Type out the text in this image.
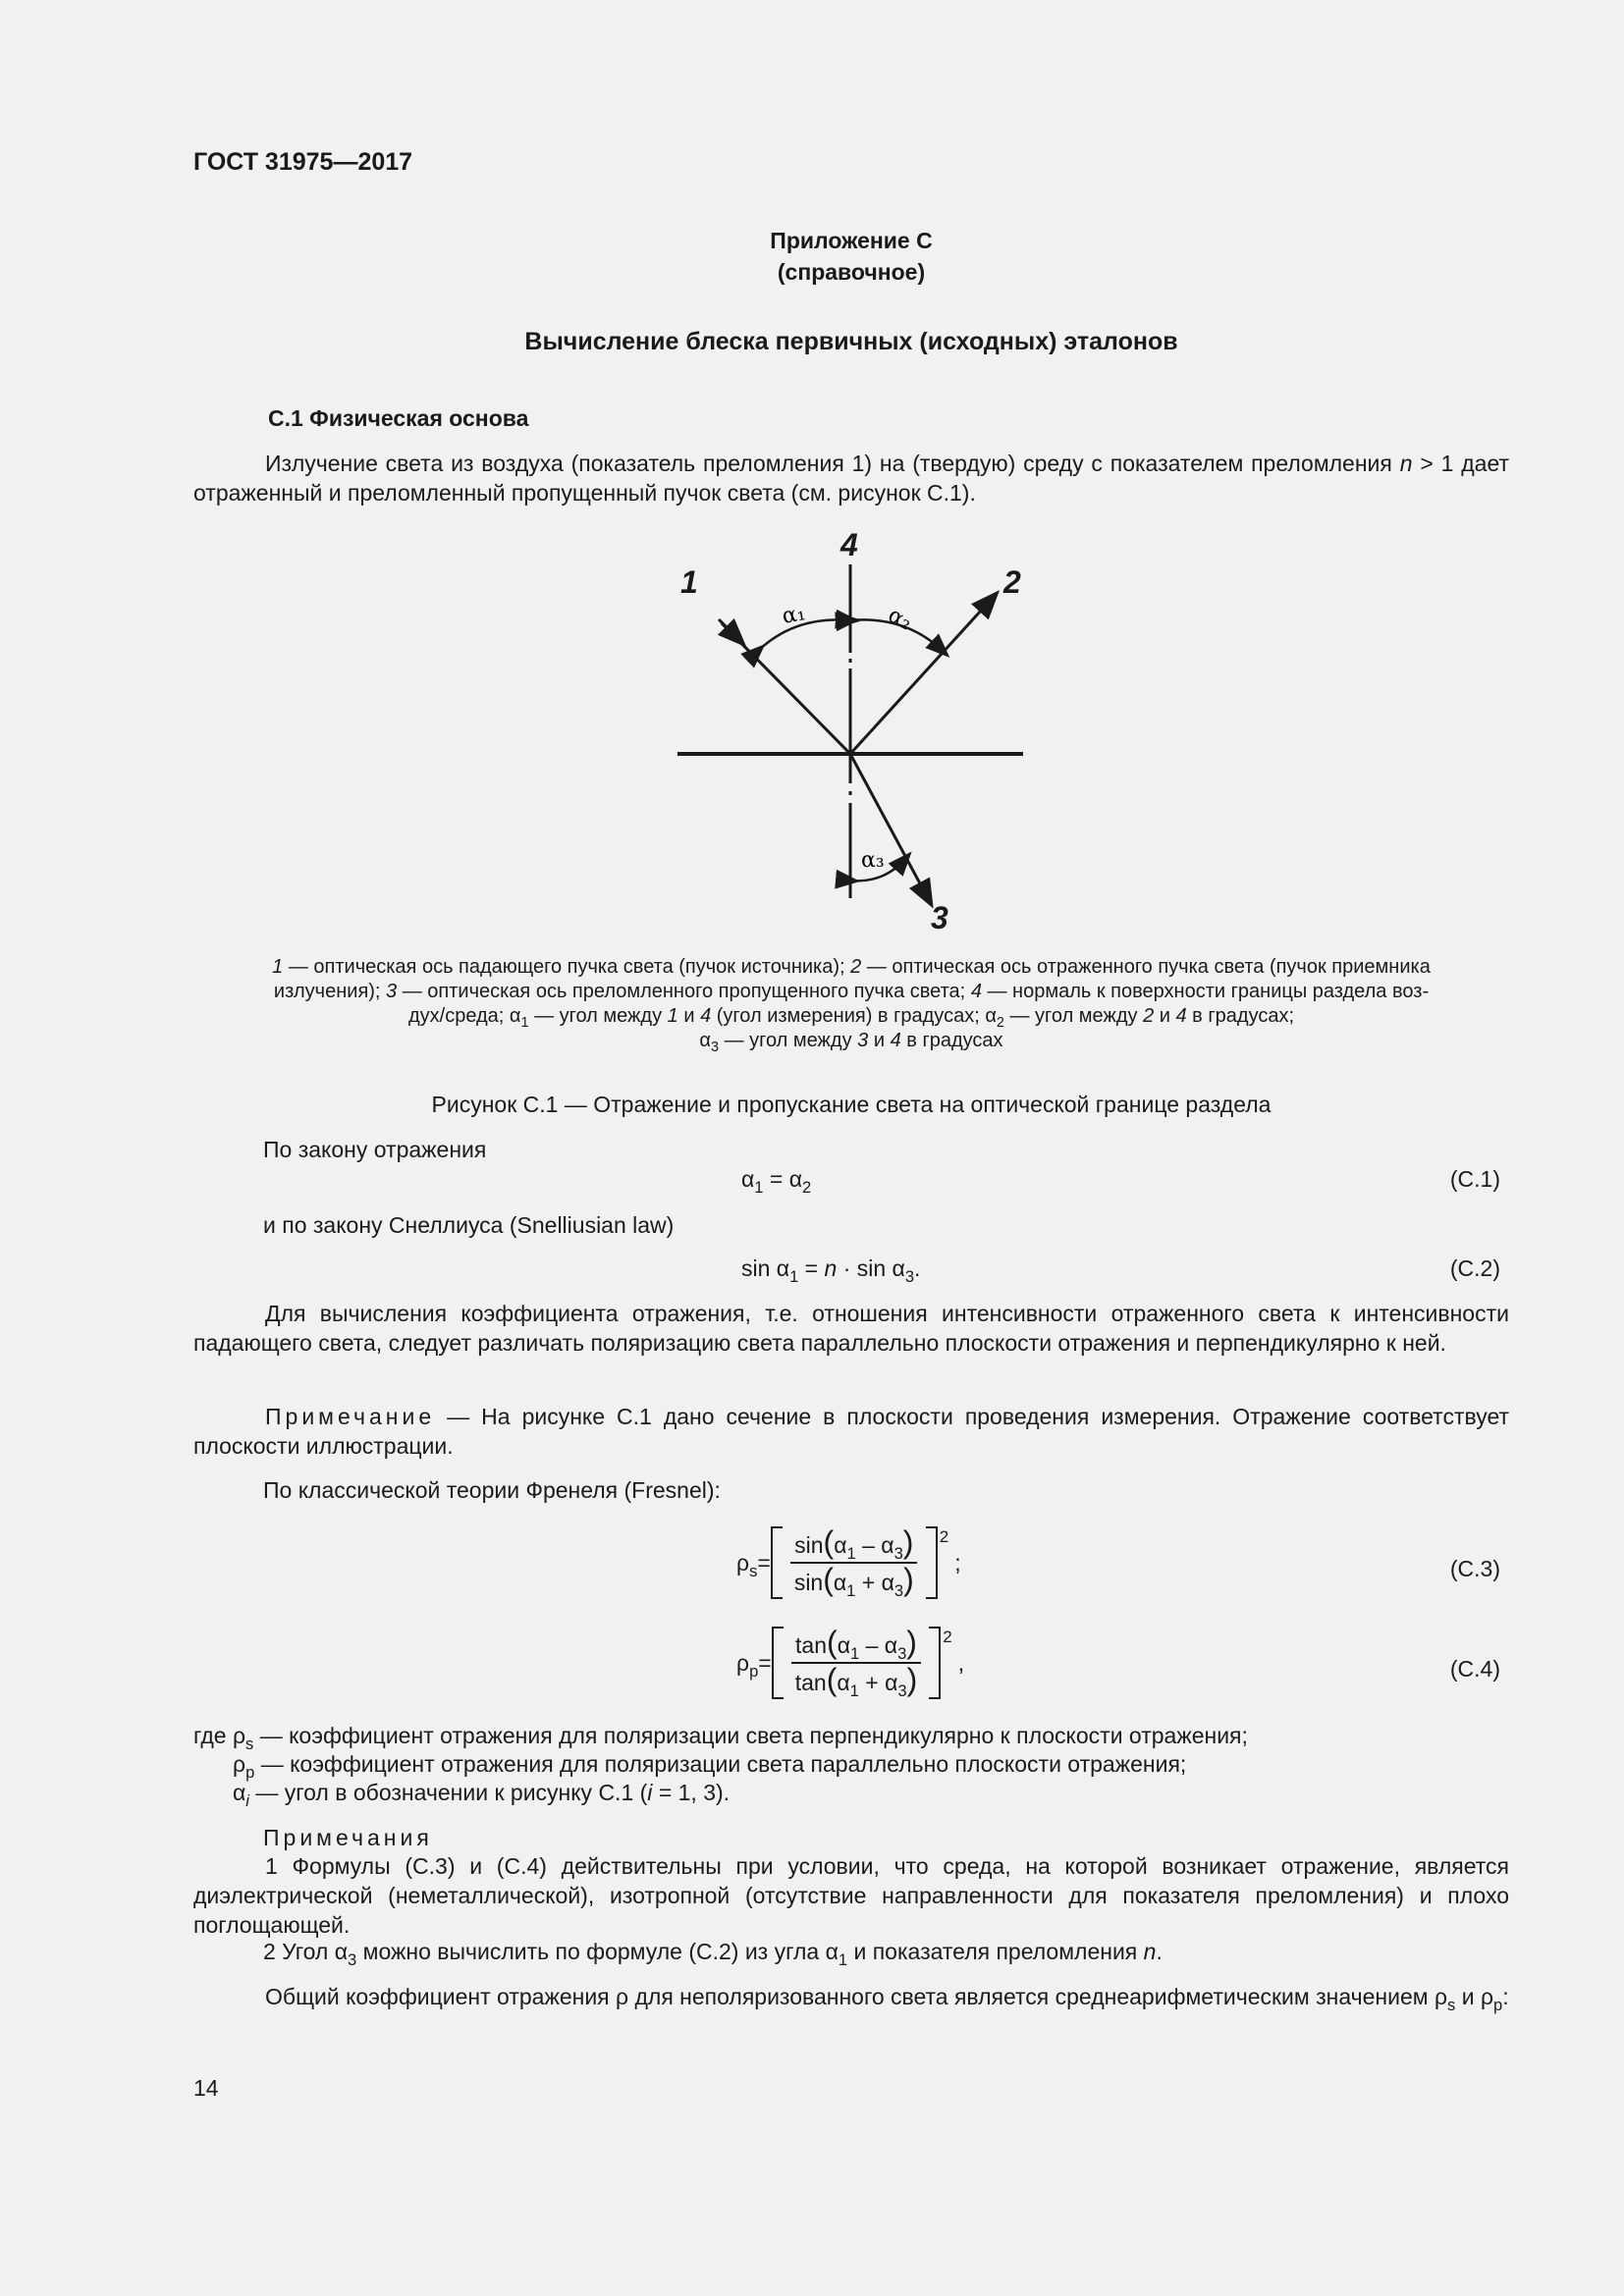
ГОСТ 31975—2017
Приложение С
(справочное)
Вычисление блеска первичных (исходных) эталонов
С.1 Физическая основа
Излучение света из воздуха (показатель преломления 1) на (твердую) среду с показателем преломления n > 1 дает отраженный и преломленный пропущенный пучок света (см. рисунок С.1).
α₁	α₂
α₃
1	2
3
4
1 — оптическая ось падающего пучка света (пучок источника); 2 — оптическая ось отраженного пучка света (пучок приемника
излучения); 3 — оптическая ось преломленного пропущенного пучка света; 4 — нормаль к поверхности границы раздела воз-
дух/среда; $\alpha_1$ — угол между 1 и 4 (угол измерения) в градусах; $\alpha_2$ — угол между 2 и 4 в градусах;
$\alpha_3$ — угол между 3 и 4 в градусах
Рисунок С.1 — Отражение и пропускание света на оптической границе раздела
По закону отражения
$\alpha_1 = \alpha_2$	(С.1)
и по закону Снеллиуса (Snelliusian law)
$\sin \alpha_1 = n \cdot \sin \alpha_3$.	(С.2)
Для вычисления коэффициента отражения, т.е. отношения интенсивности отраженного света к интенсивности падающего света, следует различать поляризацию света параллельно плоскости отражения и перпендикулярно к ней.
Примечание — На рисунке С.1 дано сечение в плоскости проведения измерения. Отражение соответствует плоскости иллюстрации.
По классической теории Френеля (Fresnel):
$\rho_s= \frac{\sin(\alpha_1 - \alpha_3)}{\sin(\alpha_1 + \alpha_3)} 2$
;	(С.3)
$\rho_p= \frac{\tan(\alpha_1 - \alpha_3)}{\tan(\alpha_1 + \alpha_3)} 2$
,	(С.4)
где $\rho_s$ — коэффициент отражения для поляризации света перпендикулярно к плоскости отражения;
$\rho_p$ — коэффициент отражения для поляризации света параллельно плоскости отражения;
$\alpha_i$ — угол в обозначении к рисунку С.1 (i = 1, 3).
Примечания
1 Формулы (С.3) и (С.4) действительны при условии, что среда, на которой возникает отражение, является диэлектрической (неметаллической), изотропной (отсутствие направленности для показателя преломления) и плохо поглощающей.
2 Угол $\alpha_3$ можно вычислить по формуле (С.2) из угла $\alpha_1$ и показателя преломления n.
Общий коэффициент отражения ρ для неполяризованного света является среднеарифметическим значением $\rho_s$ и $\rho_p$:
14
